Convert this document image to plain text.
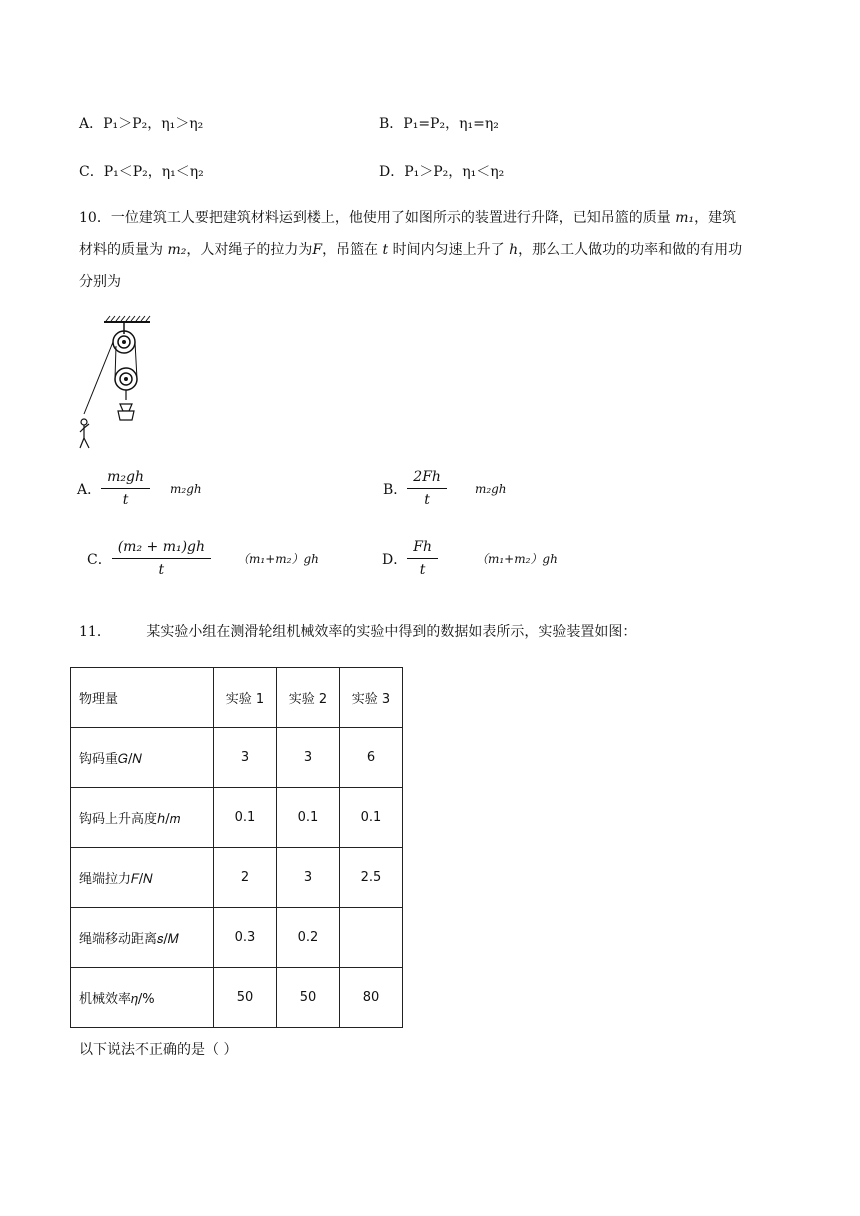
A．P₁＞P₂，η₁＞η₂	B．P₁=P₂，η₁=η₂
C．P₁＜P₂，η₁＜η₂	D．P₁＞P₂，η₁＜η₂
10．一位建筑工人要把建筑材料运到楼上，他使用了如图所示的装置进行升降，已知吊篮的质量 m₁，建筑
材料的质量为 m₂，人对绳子的拉力为F，吊篮在 t 时间内匀速上升了 h，那么工人做功的功率和做的有用功
分别为
A． $\frac{\text{m₂gh}}{t} m_2gh$	B． $\frac{2Fh}{t} m_2gh$
C． $\frac{\text{(m₂ + m₁)gh}}{t} (m_1+m_2)gh$	D． $\frac{Fh}{t}$	（m₁+m₂）gh
11．        某实验小组在测滑轮组机械效率的实验中得到的数据如表所示，实验装置如图：
物理量	实验 1	实验 2	实验 3
钩码重𝐺/𝑁	3	3	6
钩码上升高度ℎ/𝑚	0.1	0.1	0.1
绳端拉力𝐹/𝑁	2	3	2.5
绳端移动距离𝑠/𝑀	0.3	0.2	
机械效率𝜂/%	50	50	80
以下说法不正确的是（ ）
